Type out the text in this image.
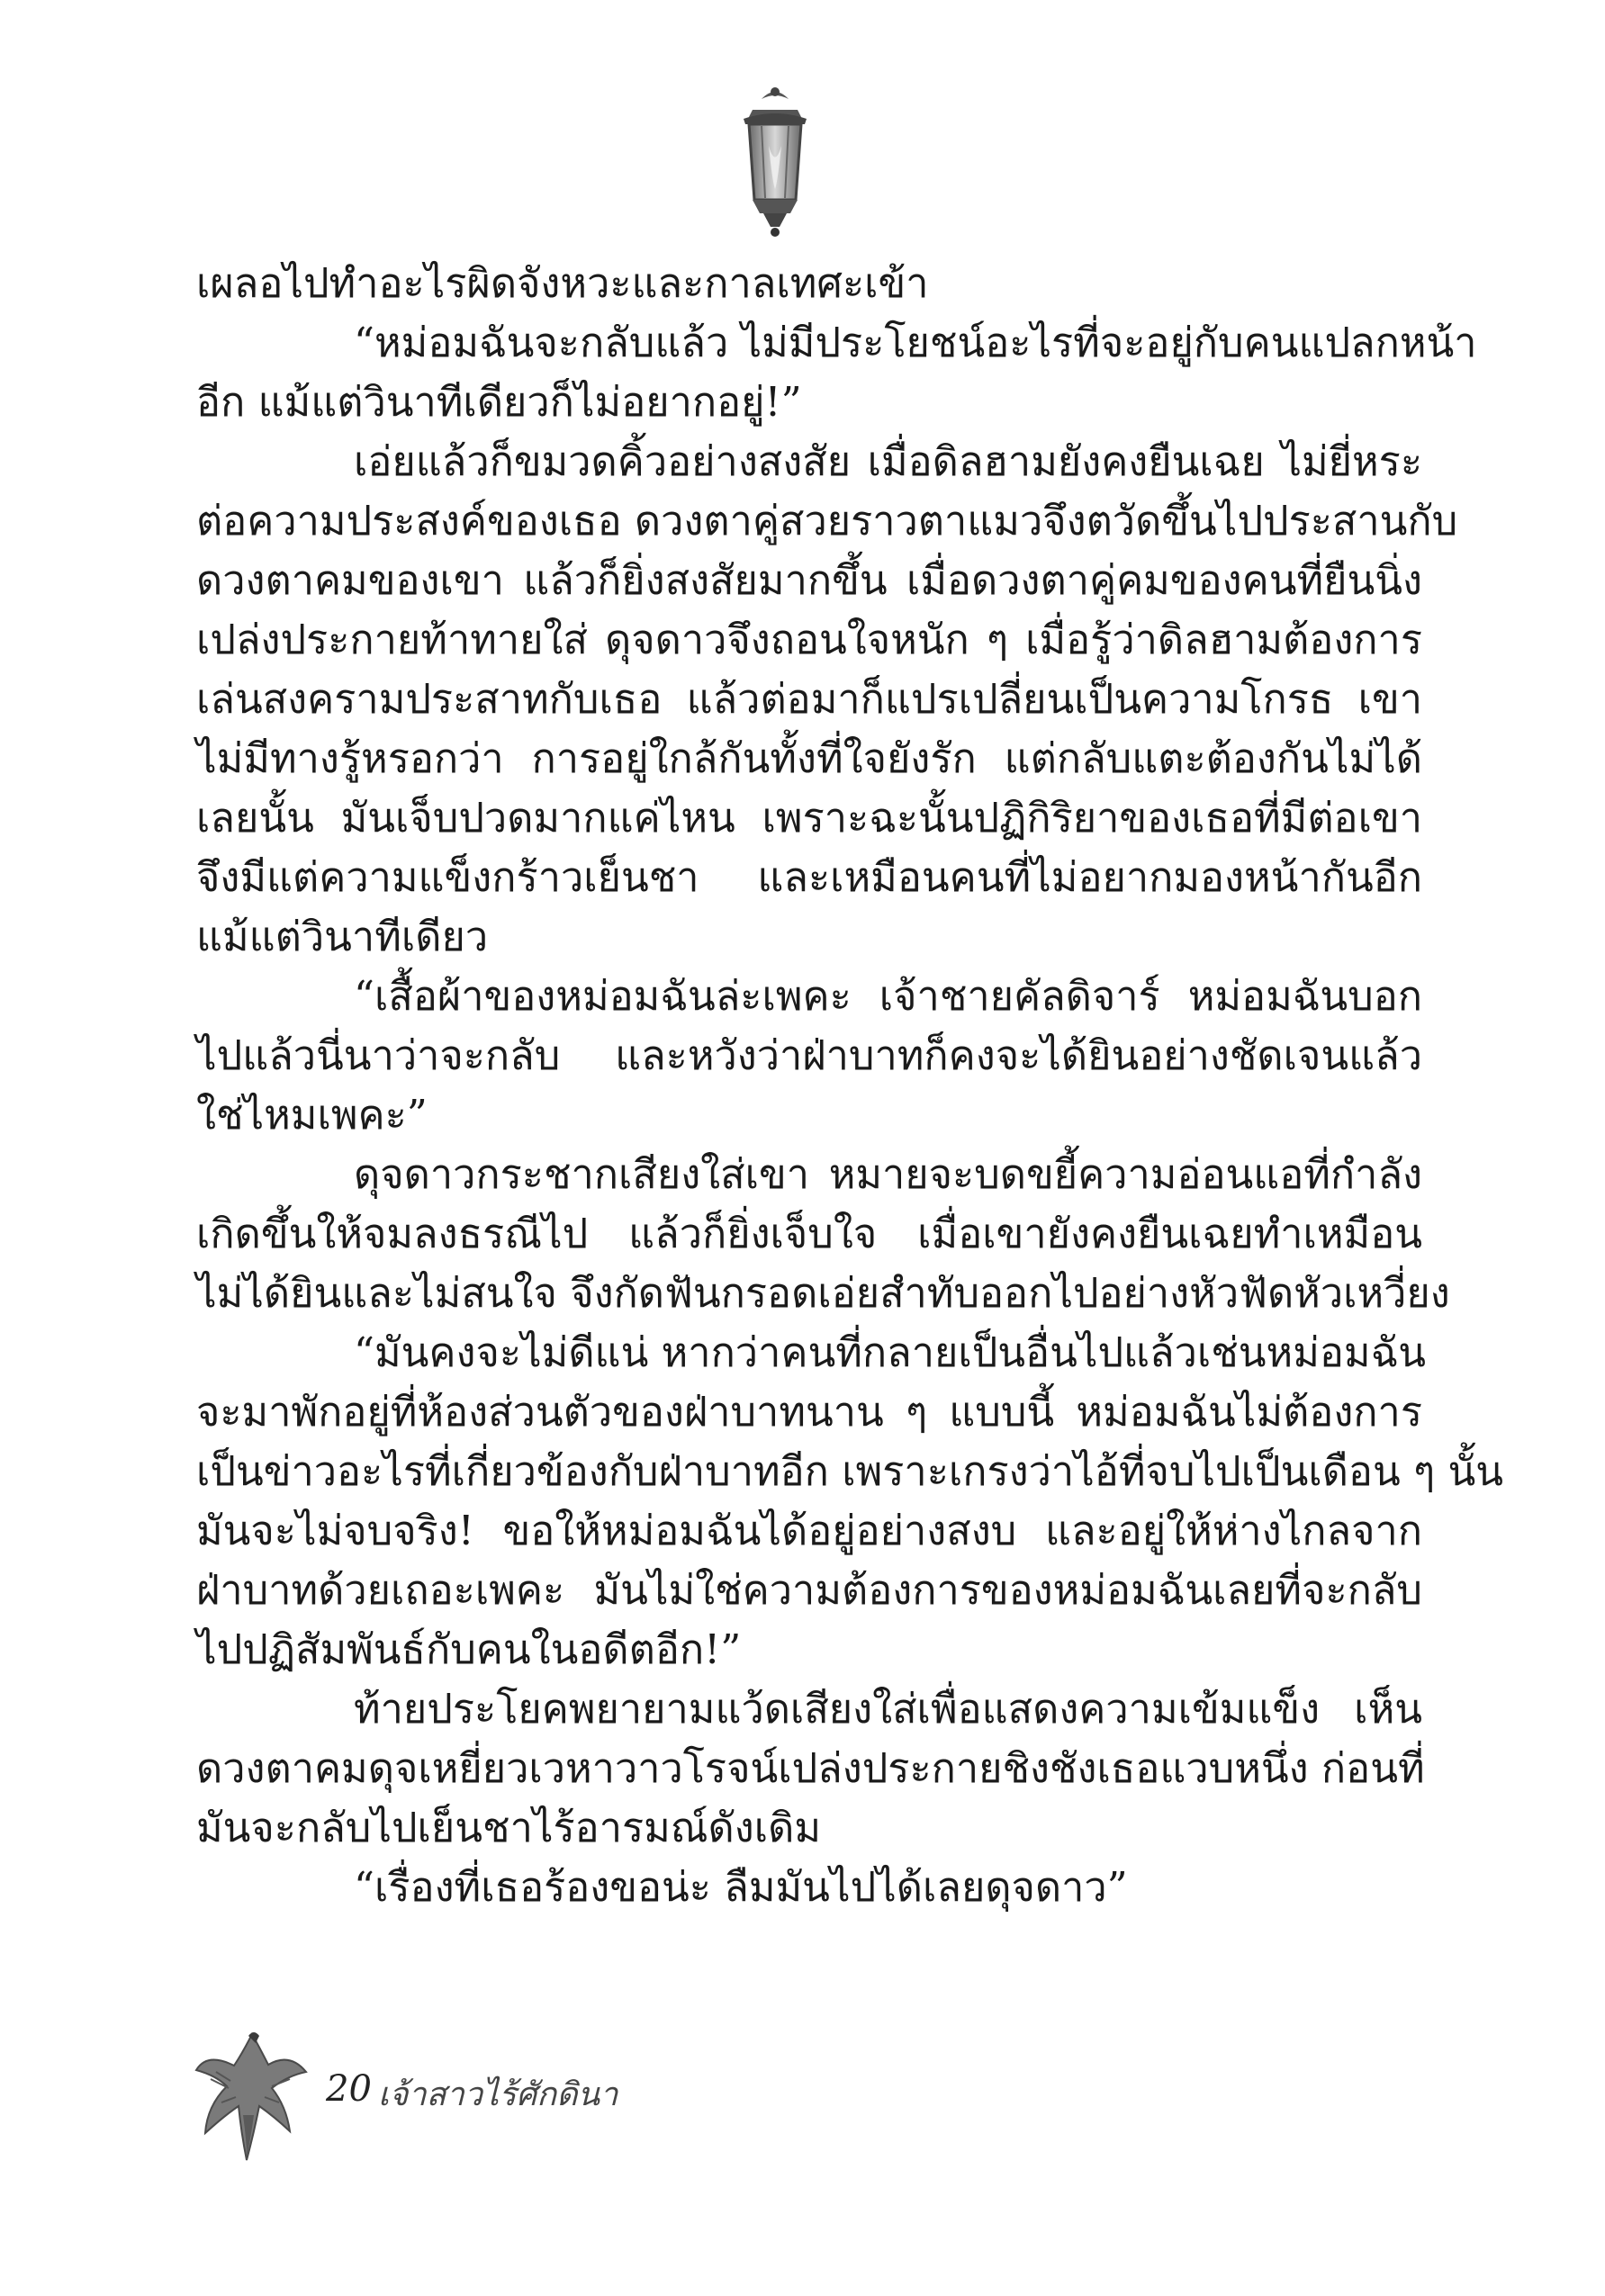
เผลอไปทำอะไรผิดจังหวะและกาลเทศะเข้า
“หม่อมฉันจะกลับแล้ว ไม่มีประโยชน์อะไรที่จะอยู่กับคนแปลกหน้า
อีก แม้แต่วินาทีเดียวก็ไม่อยากอยู่!”
เอ่ยแล้วก็ขมวดคิ้วอย่างสงสัย เมื่อดิลฮามยังคงยืนเฉย ไม่ยี่หระ
ต่อความประสงค์ของเธอ ดวงตาคู่สวยราวตาแมวจึงตวัดขึ้นไปประสานกับ
ดวงตาคมของเขา แล้วก็ยิ่งสงสัยมากขึ้น เมื่อดวงตาคู่คมของคนที่ยืนนิ่ง
เปล่งประกายท้าทายใส่ ดุจดาวจึงถอนใจหนัก ๆ เมื่อรู้ว่าดิลฮามต้องการ
เล่นสงครามประสาทกับเธอ แล้วต่อมาก็แปรเปลี่ยนเป็นความโกรธ เขา
ไม่มีทางรู้หรอกว่า การอยู่ใกล้กันทั้งที่ใจยังรัก แต่กลับแตะต้องกันไม่ได้
เลยนั้น มันเจ็บปวดมากแค่ไหน เพราะฉะนั้นปฏิกิริยาของเธอที่มีต่อเขา
จึงมีแต่ความแข็งกร้าวเย็นชา และเหมือนคนที่ไม่อยากมองหน้ากันอีก
แม้แต่วินาทีเดียว
“เสื้อผ้าของหม่อมฉันล่ะเพคะ เจ้าชายคัลดิจาร์ หม่อมฉันบอก
ไปแล้วนี่นาว่าจะกลับ และหวังว่าฝ่าบาทก็คงจะได้ยินอย่างชัดเจนแล้ว
ใช่ไหมเพคะ”
ดุจดาวกระชากเสียงใส่เขา หมายจะบดขยี้ความอ่อนแอที่กำลัง
เกิดขึ้นให้จมลงธรณีไป แล้วก็ยิ่งเจ็บใจ เมื่อเขายังคงยืนเฉยทำเหมือน
ไม่ได้ยินและไม่สนใจ จึงกัดฟันกรอดเอ่ยสำทับออกไปอย่างหัวฟัดหัวเหวี่ยง
“มันคงจะไม่ดีแน่ หากว่าคนที่กลายเป็นอื่นไปแล้วเช่นหม่อมฉัน
จะมาพักอยู่ที่ห้องส่วนตัวของฝ่าบาทนาน ๆ แบบนี้ หม่อมฉันไม่ต้องการ
เป็นข่าวอะไรที่เกี่ยวข้องกับฝ่าบาทอีก เพราะเกรงว่าไอ้ที่จบไปเป็นเดือน ๆ นั้น
มันจะไม่จบจริง! ขอให้หม่อมฉันได้อยู่อย่างสงบ และอยู่ให้ห่างไกลจาก
ฝ่าบาทด้วยเถอะเพคะ มันไม่ใช่ความต้องการของหม่อมฉันเลยที่จะกลับ
ไปปฏิสัมพันธ์กับคนในอดีตอีก!”
ท้ายประโยคพยายามแว้ดเสียงใส่เพื่อแสดงความเข้มแข็ง เห็น
ดวงตาคมดุจเหยี่ยวเวหาวาวโรจน์เปล่งประกายชิงชังเธอแวบหนึ่ง ก่อนที่
มันจะกลับไปเย็นชาไร้อารมณ์ดังเดิม
“เรื่องที่เธอร้องขอน่ะ ลืมมันไปได้เลยดุจดาว”
20 เจ้าสาวไร้ศักดินา
